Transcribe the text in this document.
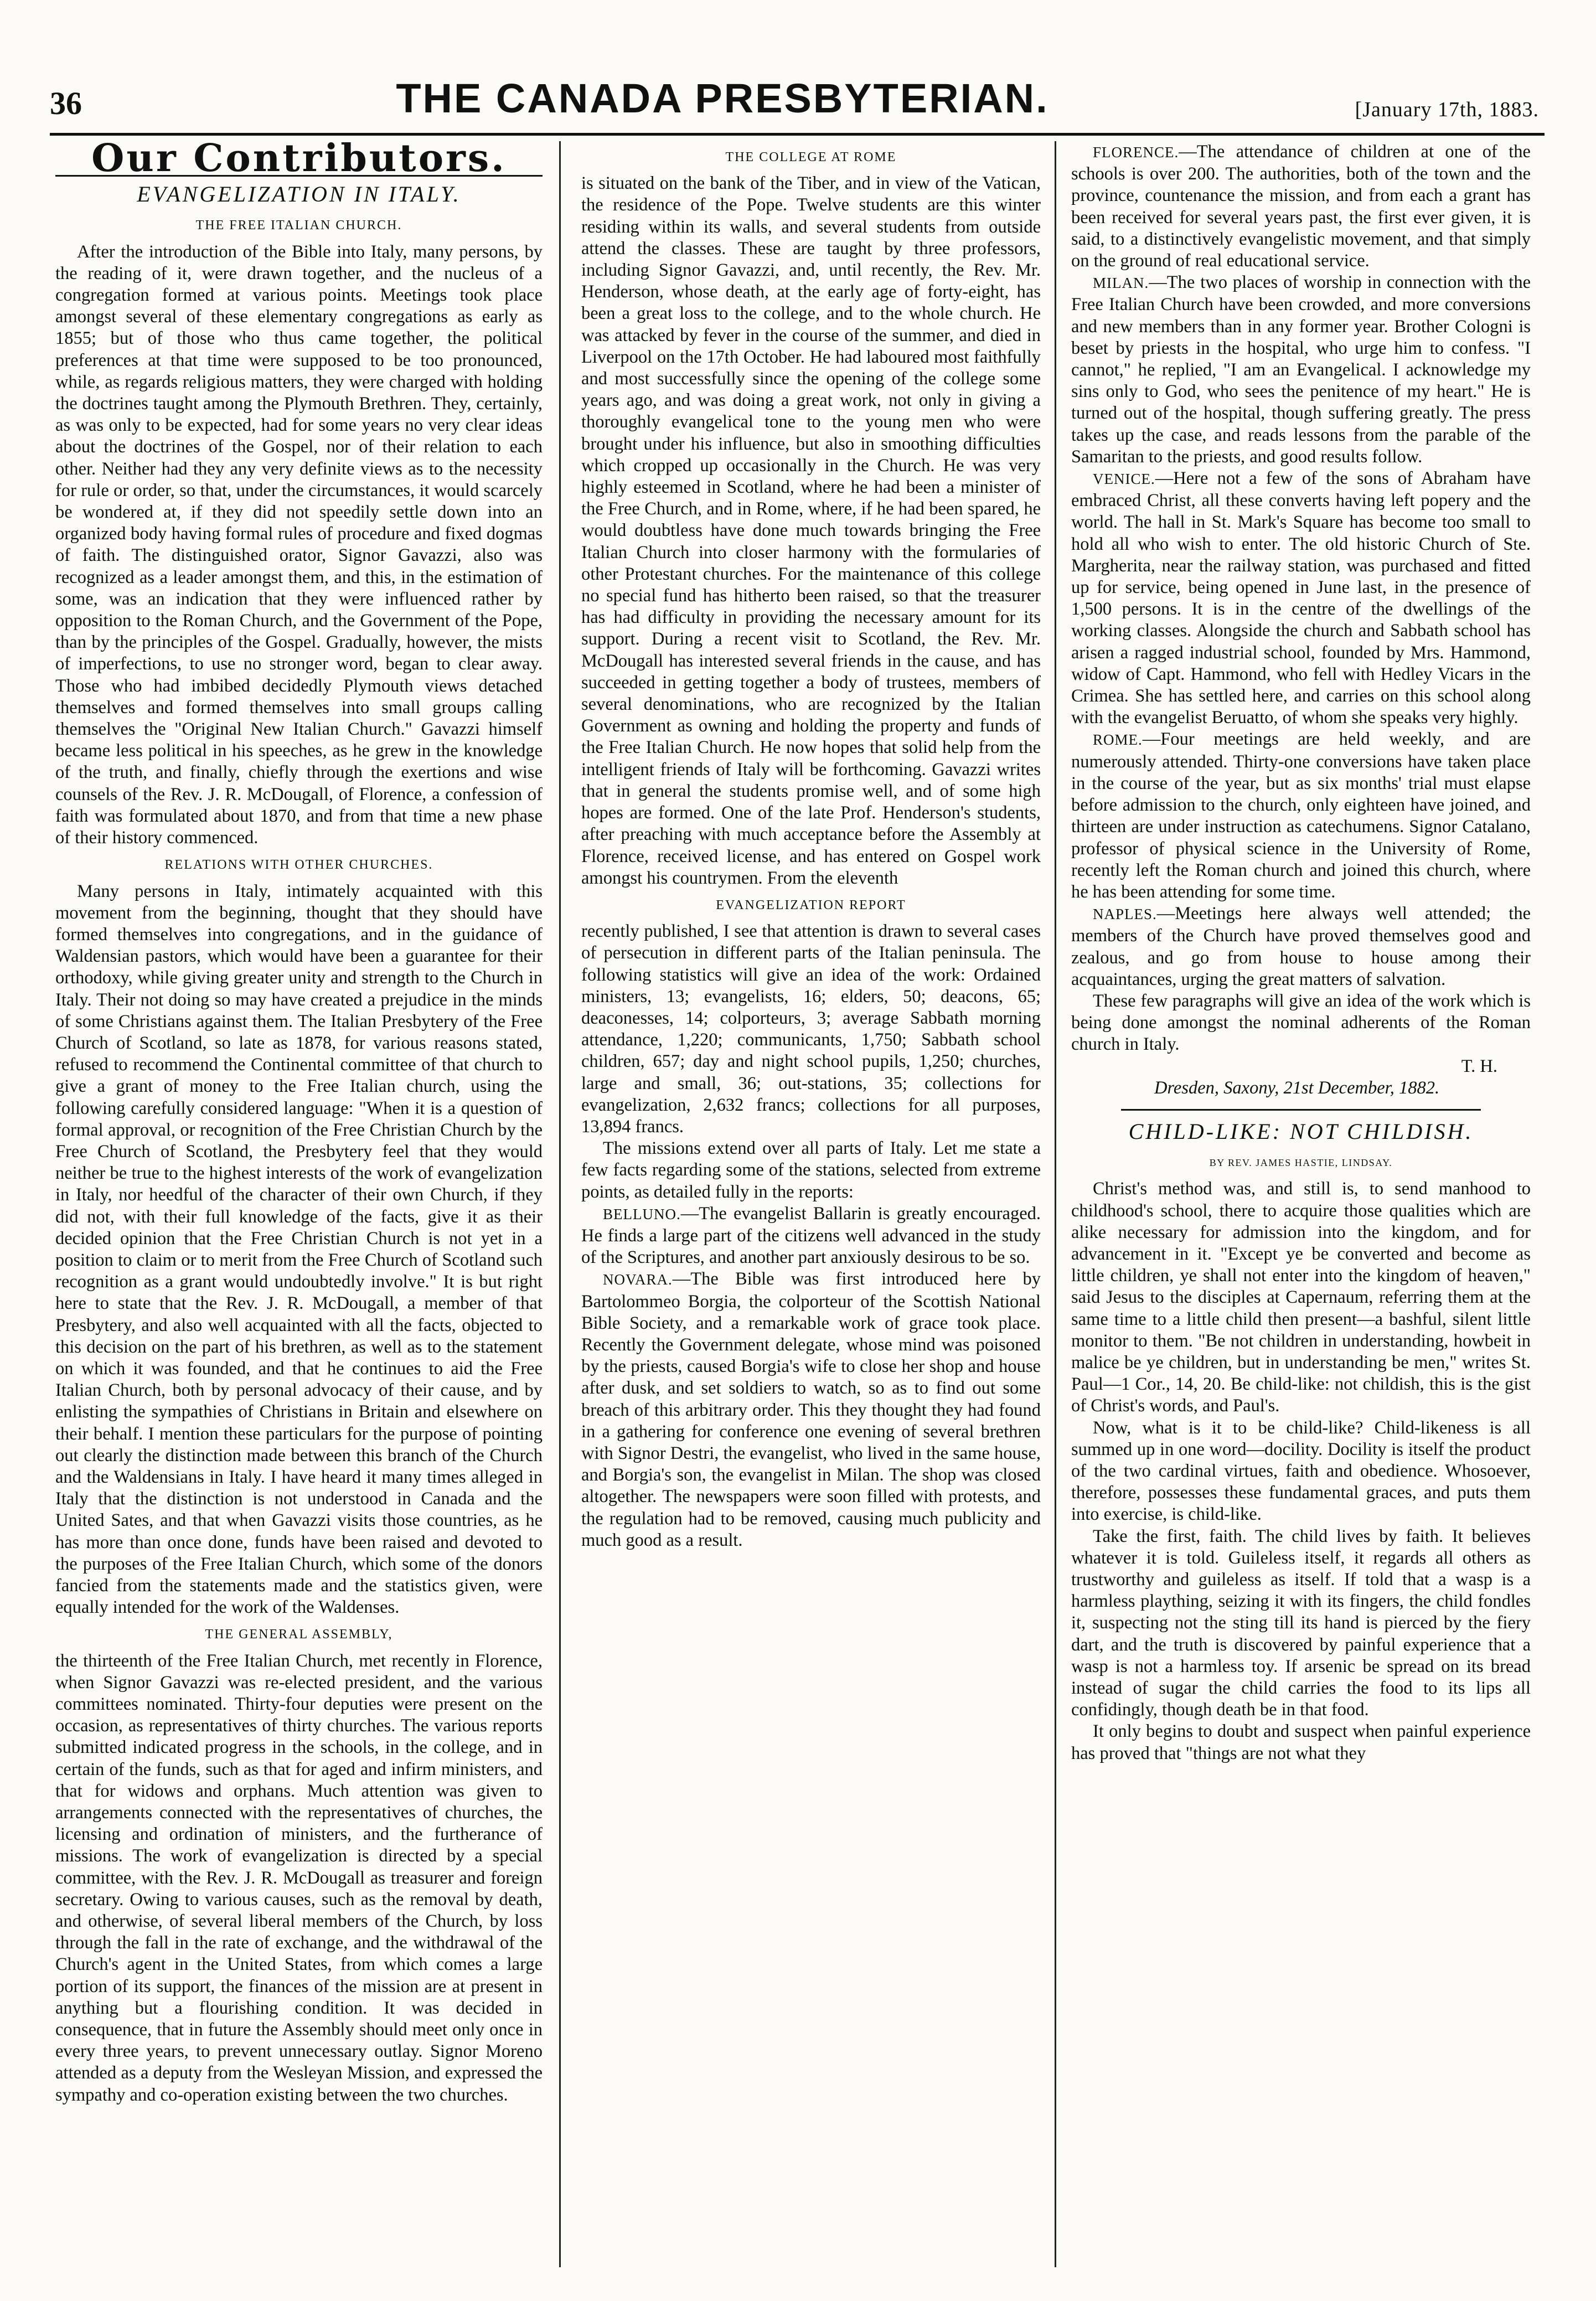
36	THE CANADA PRESBYTERIAN.	[January 17th, 1883.
Our Contributors.
EVANGELIZATION IN ITALY.
THE FREE ITALIAN CHURCH.

After the introduction of the Bible into Italy, many persons, by the reading of it, were drawn together, and the nucleus of a congregation formed at various points. Meetings took place amongst several of these elementary congregations as early as 1855; but of those who thus came together, the political preferences at that time were supposed to be too pronounced, while, as regards religious matters, they were charged with holding the doctrines taught among the Plymouth Brethren. They, certainly, as was only to be expected, had for some years no very clear ideas about the doctrines of the Gospel, nor of their relation to each other. Neither had they any very definite views as to the necessity for rule or order, so that, under the circumstances, it would scarcely be wondered at, if they did not speedily settle down into an organized body having formal rules of procedure and fixed dogmas of faith. The distinguished orator, Signor Gavazzi, also was recognized as a leader amongst them, and this, in the estimation of some, was an indication that they were influenced rather by opposition to the Roman Church, and the Government of the Pope, than by the principles of the Gospel. Gradually, however, the mists of imperfections, to use no stronger word, began to clear away. Those who had imbibed decidedly Plymouth views detached themselves and formed themselves into small groups calling themselves the "Original New Italian Church." Gavazzi himself became less political in his speeches, as he grew in the knowledge of the truth, and finally, chiefly through the exertions and wise counsels of the Rev. J. R. McDougall, of Florence, a confession of faith was formulated about 1870, and from that time a new phase of their history commenced.

RELATIONS WITH OTHER CHURCHES.

Many persons in Italy, intimately acquainted with this movement from the beginning, thought that they should have formed themselves into congregations, and in the guidance of Waldensian pastors, which would have been a guarantee for their orthodoxy, while giving greater unity and strength to the Church in Italy. Their not doing so may have created a prejudice in the minds of some Christians against them. The Italian Presbytery of the Free Church of Scotland, so late as 1878, for various reasons stated, refused to recommend the Continental committee of that church to give a grant of money to the Free Italian church, using the following carefully considered language: "When it is a question of formal approval, or recognition of the Free Christian Church by the Free Church of Scotland, the Presbytery feel that they would neither be true to the highest interests of the work of evangelization in Italy, nor heedful of the character of their own Church, if they did not, with their full knowledge of the facts, give it as their decided opinion that the Free Christian Church is not yet in a position to claim or to merit from the Free Church of Scotland such recognition as a grant would undoubtedly involve." It is but right here to state that the Rev. J. R. McDougall, a member of that Presbytery, and also well acquainted with all the facts, objected to this decision on the part of his brethren, as well as to the statement on which it was founded, and that he continues to aid the Free Italian Church, both by personal advocacy of their cause, and by enlisting the sympathies of Christians in Britain and elsewhere on their behalf. I mention these particulars for the purpose of pointing out clearly the distinction made between this branch of the Church and the Waldensians in Italy. I have heard it many times alleged in Italy that the distinction is not understood in Canada and the United Sates, and that when Gavazzi visits those countries, as he has more than once done, funds have been raised and devoted to the purposes of the Free Italian Church, which some of the donors fancied from the statements made and the statistics given, were equally intended for the work of the Waldenses.

THE GENERAL ASSEMBLY,

the thirteenth of the Free Italian Church, met recently in Florence, when Signor Gavazzi was re-elected president, and the various committees nominated. Thirty-four deputies were present on the occasion, as representatives of thirty churches. The various reports submitted indicated progress in the schools, in the college, and in certain of the funds, such as that for aged and infirm ministers, and that for widows and orphans. Much attention was given to arrangements connected with the representatives of churches, the licensing and ordination of ministers, and the furtherance of missions. The work of evangelization is directed by a special committee, with the Rev. J. R. McDougall as treasurer and foreign secretary. Owing to various causes, such as the removal by death, and otherwise, of several liberal members of the Church, by loss through the fall in the rate of exchange, and the withdrawal of the Church's agent in the United States, from which comes a large portion of its support, the finances of the mission are at present in anything but a flourishing condition. It was decided in consequence, that in future the Assembly should meet only once in every three years, to prevent unnecessary outlay. Signor Moreno attended as a deputy from the Wesleyan Mission, and expressed the sympathy and co-operation existing between the two churches.

THE COLLEGE AT ROME

is situated on the bank of the Tiber, and in view of the Vatican, the residence of the Pope. Twelve students are this winter residing within its walls, and several students from outside attend the classes. These are taught by three professors, including Signor Gavazzi, and, until recently, the Rev. Mr. Henderson, whose death, at the early age of forty-eight, has been a great loss to the college, and to the whole church. He was attacked by fever in the course of the summer, and died in Liverpool on the 17th October. He had laboured most faithfully and most successfully since the opening of the college some years ago, and was doing a great work, not only in giving a thoroughly evangelical tone to the young men who were brought under his influence, but also in smoothing difficulties which cropped up occasionally in the Church. He was very highly esteemed in Scotland, where he had been a minister of the Free Church, and in Rome, where, if he had been spared, he would doubtless have done much towards bringing the Free Italian Church into closer harmony with the formularies of other Protestant churches. For the maintenance of this college no special fund has hitherto been raised, so that the treasurer has had difficulty in providing the necessary amount for its support. During a recent visit to Scotland, the Rev. Mr. McDougall has interested several friends in the cause, and has succeeded in getting together a body of trustees, members of several denominations, who are recognized by the Italian Government as owning and holding the property and funds of the Free Italian Church. He now hopes that solid help from the intelligent friends of Italy will be forthcoming. Gavazzi writes that in general the students promise well, and of some high hopes are formed. One of the late Prof. Henderson's students, after preaching with much acceptance before the Assembly at Florence, received license, and has entered on Gospel work amongst his countrymen. From the eleventh

EVANGELIZATION REPORT

recently published, I see that attention is drawn to several cases of persecution in different parts of the Italian peninsula. The following statistics will give an idea of the work: Ordained ministers, 13; evangelists, 16; elders, 50; deacons, 65; deaconesses, 14; colporteurs, 3; average Sabbath morning attendance, 1,220; communicants, 1,750; Sabbath school children, 657; day and night school pupils, 1,250; churches, large and small, 36; out-stations, 35; collections for evangelization, 2,632 francs; collections for all purposes, 13,894 francs.

The missions extend over all parts of Italy. Let me state a few facts regarding some of the stations, selected from extreme points, as detailed fully in the reports:

BELLUNO.—The evangelist Ballarin is greatly encouraged. He finds a large part of the citizens well advanced in the study of the Scriptures, and another part anxiously desirous to be so.

NOVARA.—The Bible was first introduced here by Bartolommeo Borgia, the colporteur of the Scottish National Bible Society, and a remarkable work of grace took place. Recently the Government delegate, whose mind was poisoned by the priests, caused Borgia's wife to close her shop and house after dusk, and set soldiers to watch, so as to find out some breach of this arbitrary order. This they thought they had found in a gathering for conference one evening of several brethren with Signor Destri, the evangelist, who lived in the same house, and Borgia's son, the evangelist in Milan. The shop was closed altogether. The newspapers were soon filled with protests, and the regulation had to be removed, causing much publicity and much good as a result.

FLORENCE.—The attendance of children at one of the schools is over 200. The authorities, both of the town and the province, countenance the mission, and from each a grant has been received for several years past, the first ever given, it is said, to a distinctively evangelistic movement, and that simply on the ground of real educational service.

MILAN.—The two places of worship in connection with the Free Italian Church have been crowded, and more conversions and new members than in any former year. Brother Cologni is beset by priests in the hospital, who urge him to confess. "I cannot," he replied, "I am an Evangelical. I acknowledge my sins only to God, who sees the penitence of my heart." He is turned out of the hospital, though suffering greatly. The press takes up the case, and reads lessons from the parable of the Samaritan to the priests, and good results follow.

VENICE.—Here not a few of the sons of Abraham have embraced Christ, all these converts having left popery and the world. The hall in St. Mark's Square has become too small to hold all who wish to enter. The old historic Church of Ste. Margherita, near the railway station, was purchased and fitted up for service, being opened in June last, in the presence of 1,500 persons. It is in the centre of the dwellings of the working classes. Alongside the church and Sabbath school has arisen a ragged industrial school, founded by Mrs. Hammond, widow of Capt. Hammond, who fell with Hedley Vicars in the Crimea. She has settled here, and carries on this school along with the evangelist Beruatto, of whom she speaks very highly.

ROME.—Four meetings are held weekly, and are numerously attended. Thirty-one conversions have taken place in the course of the year, but as six months' trial must elapse before admission to the church, only eighteen have joined, and thirteen are under instruction as catechumens. Signor Catalano, professor of physical science in the University of Rome, recently left the Roman church and joined this church, where he has been attending for some time.

NAPLES.—Meetings here always well attended; the members of the Church have proved themselves good and zealous, and go from house to house among their acquaintances, urging the great matters of salvation.

These few paragraphs will give an idea of the work which is being done amongst the nominal adherents of the Roman church in Italy.

T. H.
Dresden, Saxony, 21st December, 1882.
CHILD-LIKE: NOT CHILDISH.
BY REV. JAMES HASTIE, LINDSAY.

Christ's method was, and still is, to send manhood to childhood's school, there to acquire those qualities which are alike necessary for admission into the kingdom, and for advancement in it. "Except ye be converted and become as little children, ye shall not enter into the kingdom of heaven," said Jesus to the disciples at Capernaum, referring them at the same time to a little child then present—a bashful, silent little monitor to them. "Be not children in understanding, howbeit in malice be ye children, but in understanding be men," writes St. Paul—1 Cor., 14, 20. Be child-like: not childish, this is the gist of Christ's words, and Paul's.

Now, what is it to be child-like? Child-likeness is all summed up in one word—docility. Docility is itself the product of the two cardinal virtues, faith and obedience. Whosoever, therefore, possesses these fundamental graces, and puts them into exercise, is child-like.

Take the first, faith. The child lives by faith. It believes whatever it is told. Guileless itself, it regards all others as trustworthy and guileless as itself. If told that a wasp is a harmless plaything, seizing it with its fingers, the child fondles it, suspecting not the sting till its hand is pierced by the fiery dart, and the truth is discovered by painful experience that a wasp is not a harmless toy. If arsenic be spread on its bread instead of sugar the child carries the food to its lips all confidingly, though death be in that food.

It only begins to doubt and suspect when painful experience has proved that "things are not what they
